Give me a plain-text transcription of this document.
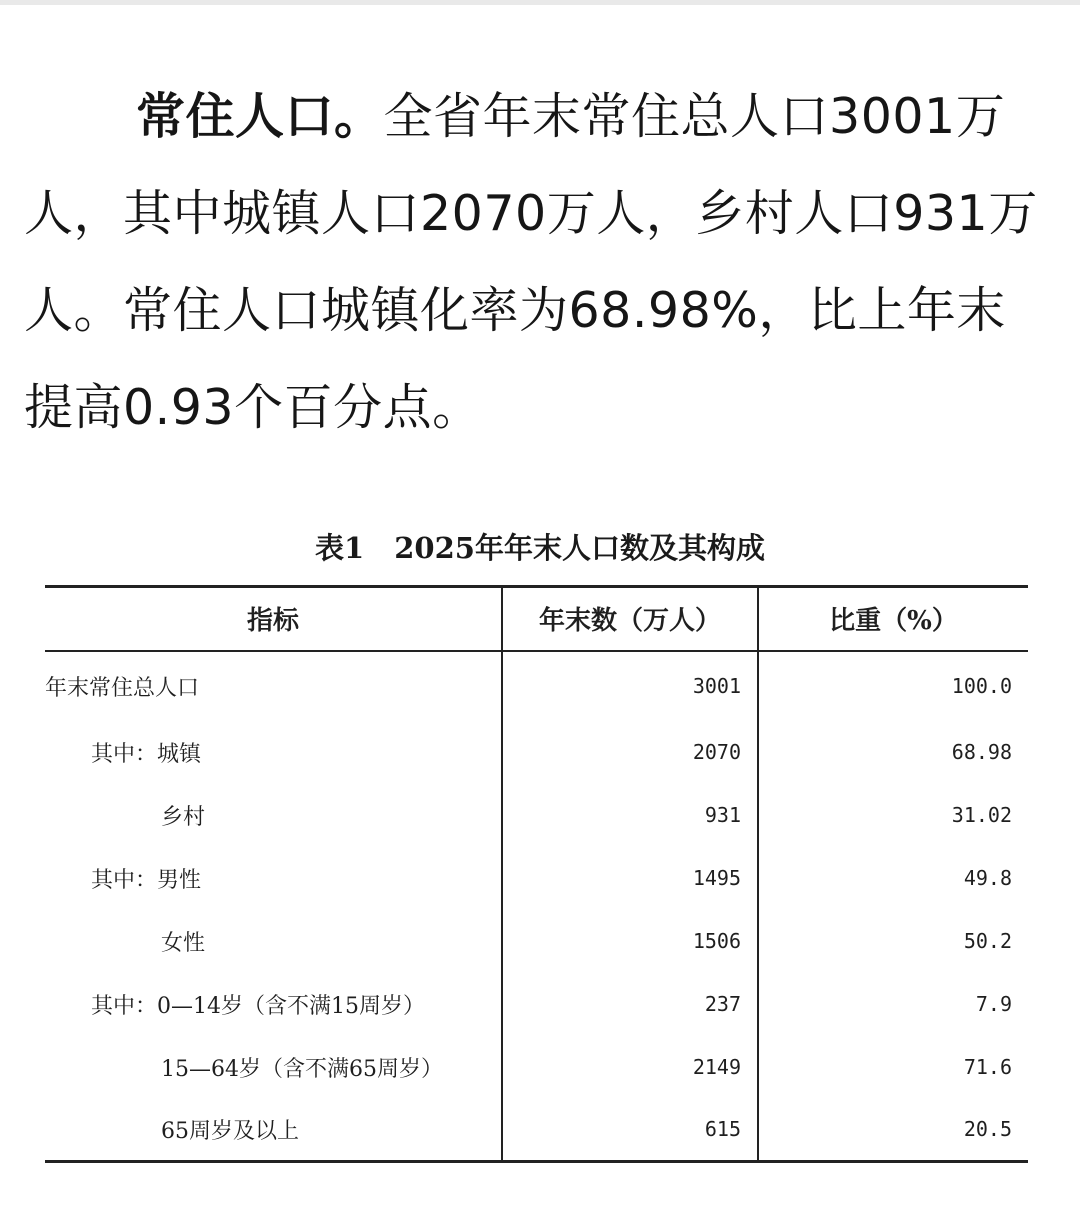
常住人口。全省年末常住总人口3001万人，其中城镇人口2070万人，乡村人口931万人。常住人口城镇化率为68.98%，比上年末提高0.93个百分点。

表1 2025年年末人口数及其构成
指标	年末数（万人）	比重（%）
年末常住总人口	3001	100.0
其中：城镇	2070	68.98
乡村	931	31.02
其中：男性	1495	49.8
女性	1506	50.2
其中：0—14岁（含不满15周岁）	237	7.9
15—64岁（含不满65周岁）	2149	71.6
65周岁及以上	615	20.5
